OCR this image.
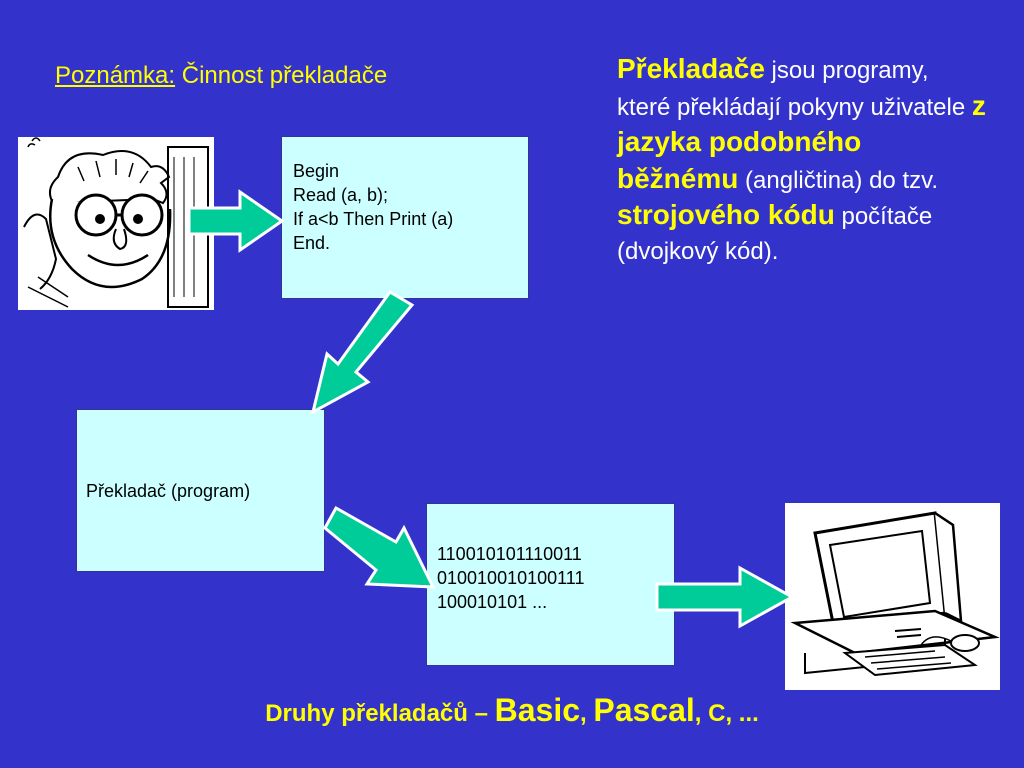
Poznámka: Činnost překladače
Begin
Read (a, b);
If a<b Then Print (a)
End.
Překladač (program)
110010101110011
010010010100111
100010101 ...
Překladače jsou programy, které překládají pokyny uživatele z jazyka podobného běžnému (angličtina) do tzv. strojového kódu počítače (dvojkový kód).
Druhy překladačů – Basic, Pascal, C, ...
